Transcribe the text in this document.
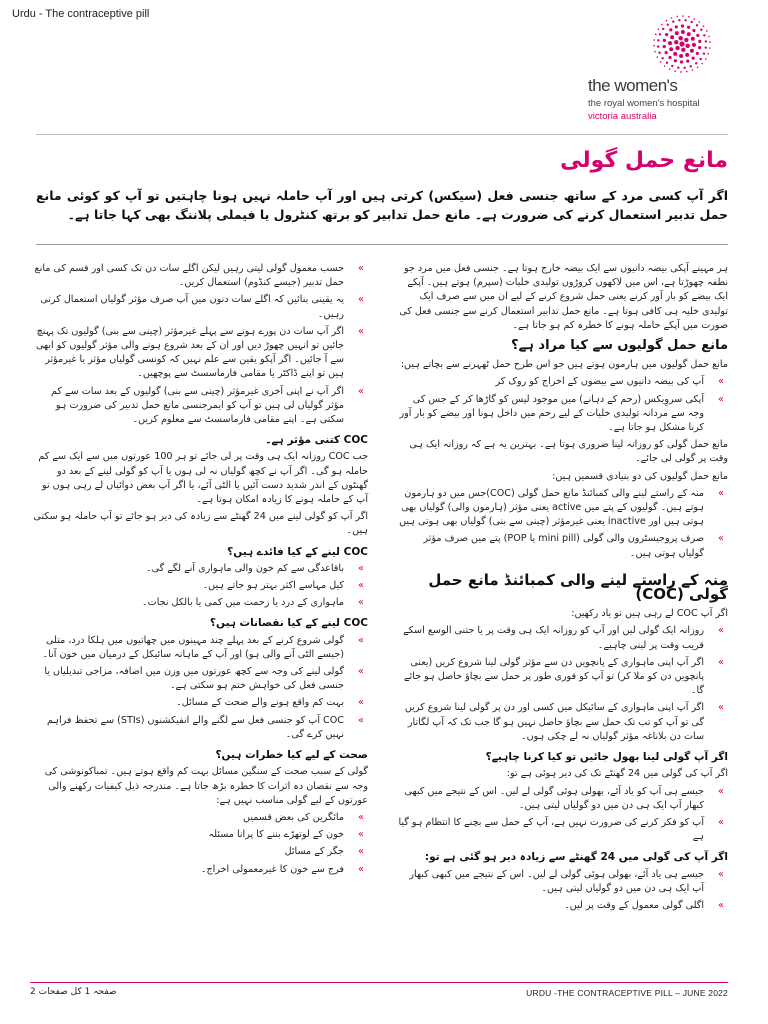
Urdu - The contraceptive pill
the women's
the royal women's hospital
victoria australia
مانع حمل گولی
اگر آپ کسی مرد کے ساتھ جنسی فعل (سیکس) کرتی ہیں اور آپ حاملہ نہیں ہونا چاہتیں تو آپ کو کوئی مانع حمل تدبیر استعمال کرنے کی ضرورت ہے۔ مانع حمل تدابیر کو برتھ کنٹرول یا فیملی پلاننگ بھی کہا جاتا ہے۔

ہر مہینے آپکی بیضہ دانیوں سے ایک بیضہ خارج ہوتا ہے۔ جنسی فعل میں مرد جو نطفہ چھوڑتا ہے، اس میں لاکھوں کروڑوں تولیدی خلیات (سپرم) ہوتے ہیں۔ آپکے ایک بیضے کو بار آور کرنے یعنی حمل شروع کرنے کے لیے ان میں سے صرف ایک تولیدی خلیہ ہی کافی ہوتا ہے۔ مانع حمل تدابیر استعمال کرنے سے جنسی فعل کی صورت میں آپکے حاملہ ہونے کا خطرہ کم ہو جاتا ہے۔

مانع حمل گولیوں سے کیا مراد ہے؟

مانع حمل گولیوں میں ہارمون ہوتے ہیں جو اس طرح حمل ٹھہرنے سے بچاتے ہیں:

»
آپ کی بیضہ دانیوں سے بیضوں کے اخراج کو روک کر
»
آپکی سروِیکس (رحم کے دہانے) میں موجود لیس کو گاڑھا کر کے جس کی وجہ سے مردانہ تولیدی خلیات کے لیے رحم میں داخل ہونا اور بیضے کو بار آور کرنا مشکل ہو جاتا ہے۔

مانع حمل گولی کو روزانہ لینا ضروری ہوتا ہے۔ بہترین یہ ہے کہ روزانہ ایک ہی وقت پر گولی لی جائے۔

مانع حمل گولیوں کی دو بنیادی قسمیں ہیں:

»
منہ کے راستے لینے والی کمبائنڈ مانع حمل گولی (COC)جس میں دو ہارمون ہوتے ہیں۔ گولیوں کے پتے میں active یعنی مؤثر (ہارمون والی) گولیاں بھی ہوتی ہیں اور inactive یعنی غیرمؤثر (چینی سے بنی) گولیاں بھی ہوتی ہیں
»
صرف پروجیسٹرون والی گولی (mini pill یا POP) پتے میں صرف مؤثر گولیاں ہوتی ہیں۔
منہ کے راستے لینے والی کمبائنڈ مانع حمل گولی (COC)

اگر آپ COC لے رہی ہیں تو یاد رکھیں:

»
روزانہ ایک گولی لیں اور آپ کو روزانہ ایک ہی وقت پر یا جتنی الوسع اسکے قریب وقت پر لینی چاہیے۔
»
اگر آپ اپنی ماہواری کے پانچویں دن سے مؤثر گولی لینا شروع کریں (یعنی پانچویں دن کو ملا کر) تو آپ کو فوری طور پر حمل سے بچاؤ حاصل ہو جائے گا۔
»
اگر آپ اپنی ماہواری کے سائیکل میں کسی اور دن پر گولی لینا شروع کریں گی تو آپ کو تب تک حمل سے بچاؤ حاصل نہیں ہو گا جب تک کہ آپ لگاتار سات دن بلاناغہ مؤثر گولیاں نہ لے چکی ہوں۔
اگر آپ گولی لینا بھول جائیں تو کیا کرنا چاہیے؟

اگر آپ کی گولی میں 24 گھنٹے تک کی دیر ہوئی ہے تو:

»
جیسے ہی آپ کو یاد آئے، بھولی ہوئی گولی لے لیں۔ اس کے نتیجے میں کبھی کبھار آپ ایک ہی دن میں دو گولیاں لیتی ہیں۔
»
آپ کو فکر کرنے کی ضرورت نہیں ہے، آپ کے حمل سے بچنے کا انتظام ہو گیا ہے
اگر آپ کی گولی میں 24 گھنٹے سے زیادہ دیر ہو گئی ہے تو:
»
جیسے ہی یاد آئے، بھولی ہوئی گولی لے لیں۔ اس کے نتیجے میں کبھی کبھار آپ ایک ہی دن میں دو گولیاں لیتی ہیں۔
»
اگلی گولی معمول کے وقت پر لیں۔
»
حسب معمول گولی لیتی رہیں لیکن اگلے سات دن تک کسی اور قسم کی مانع حمل تدبیر (جیسے کنڈوم) استعمال کریں۔
»
یہ یقینی بنائیں کہ اگلے سات دنوں میں آپ صرف مؤثر گولیاں استعمال کرتی رہیں۔
»
اگر آپ سات دن پورے ہونے سے پہلے غیرمؤثر (چینی سے بنی) گولیوں تک پہنچ جائیں تو انہیں چھوڑ دیں اور ان کے بعد شروع ہونے والی مؤثر گولیوں کو ابھی سے آ جائیں۔ اگر آپکو یقین سے علم نہیں کہ کونسی گولیاں مؤثر یا غیرمؤثر ہیں تو اپنے ڈاکٹر یا مقامی فارماسسٹ سے پوچھیں۔
»
اگر آپ نے اپنی آخری غیرمؤثر (چینی سے بنی) گولیوں کے بعد سات سے کم مؤثر گولیاں لی ہیں تو آپ کو ایمرجنسی مانع حمل تدبیر کی ضرورت ہو سکتی ہے۔ اپنے مقامی فارماسسٹ سے معلوم کریں۔
COC کتنی مؤثر ہے۔

جب COC روزانہ ایک ہی وقت پر لی جائے تو ہر 100 عورتوں میں سے ایک سے کم حاملہ ہو گی۔ اگر آپ نے کچھ گولیاں نہ لی ہوں یا آپ کو گولی لینے کے بعد دو گھنٹوں کے اندر شدید دست آئیں یا الٹی آئے، یا اگر آپ بعض دوائیاں لے رہی ہوں تو آپ کے حاملہ ہونے کا زیادہ امکان ہوتا ہے۔

اگر آپ کو گولی لینے میں 24 گھنٹے سے زیادہ کی دیر ہو جائے تو آپ حاملہ ہو سکتی ہیں۔

COC لینے کے کیا فائدے ہیں؟
»
باقاعدگی سے کم خون والی ماہواری آنے لگے گی۔
»
کیل مہاسے اکثر بہتر ہو جاتے ہیں۔
»
ماہواری کے درد یا زحمت میں کمی یا بالکل نجات۔
COC لینے کے کیا نقصانات ہیں؟
»
گولی شروع کرنے کے بعد پہلے چند مہینوں میں چھاتیوں میں ہلکا درد، متلی (جیسے الٹی آنے والی ہو) اور آپ کے ماہانہ سائیکل کے درمیان میں خون آنا۔
»
گولی لینے کی وجہ سے کچھ عورتوں میں وزن میں اضافہ، مزاجی تبدیلیاں یا جنسی فعل کی خواہش ختم ہو سکتی ہے۔
»
بہت کم واقع ہونے والے صحت کے مسائل۔
»
COC آپ کو جنسی فعل سے لگنے والے انفیکشنوں (STIs) سے تحفظ فراہم نہیں کرے گی۔
صحت کے لیے کیا خطرات ہیں؟

گولی کے سبب صحت کے سنگین مسائل بہت کم واقع ہوتے ہیں۔ تمباکونوشی کی وجہ سے نقصان دہ اثرات کا خطرہ بڑھ جاتا ہے۔ مندرجہ ذیل کیفیات رکھنے والی عورتوں کے لیے گولی مناسب نہیں ہے:

»
مائگرین کی بعض قسمیں
»
خون کے لوتھڑے بننے کا پرانا مسئلہ
»
جگر کے مسائل
»
فرج سے خون کا غیرمعمولی اخراج۔
صفحہ 1 کل صفحات 2	URDU -THE CONTRACEPTIVE PILL – JUNE 2022
